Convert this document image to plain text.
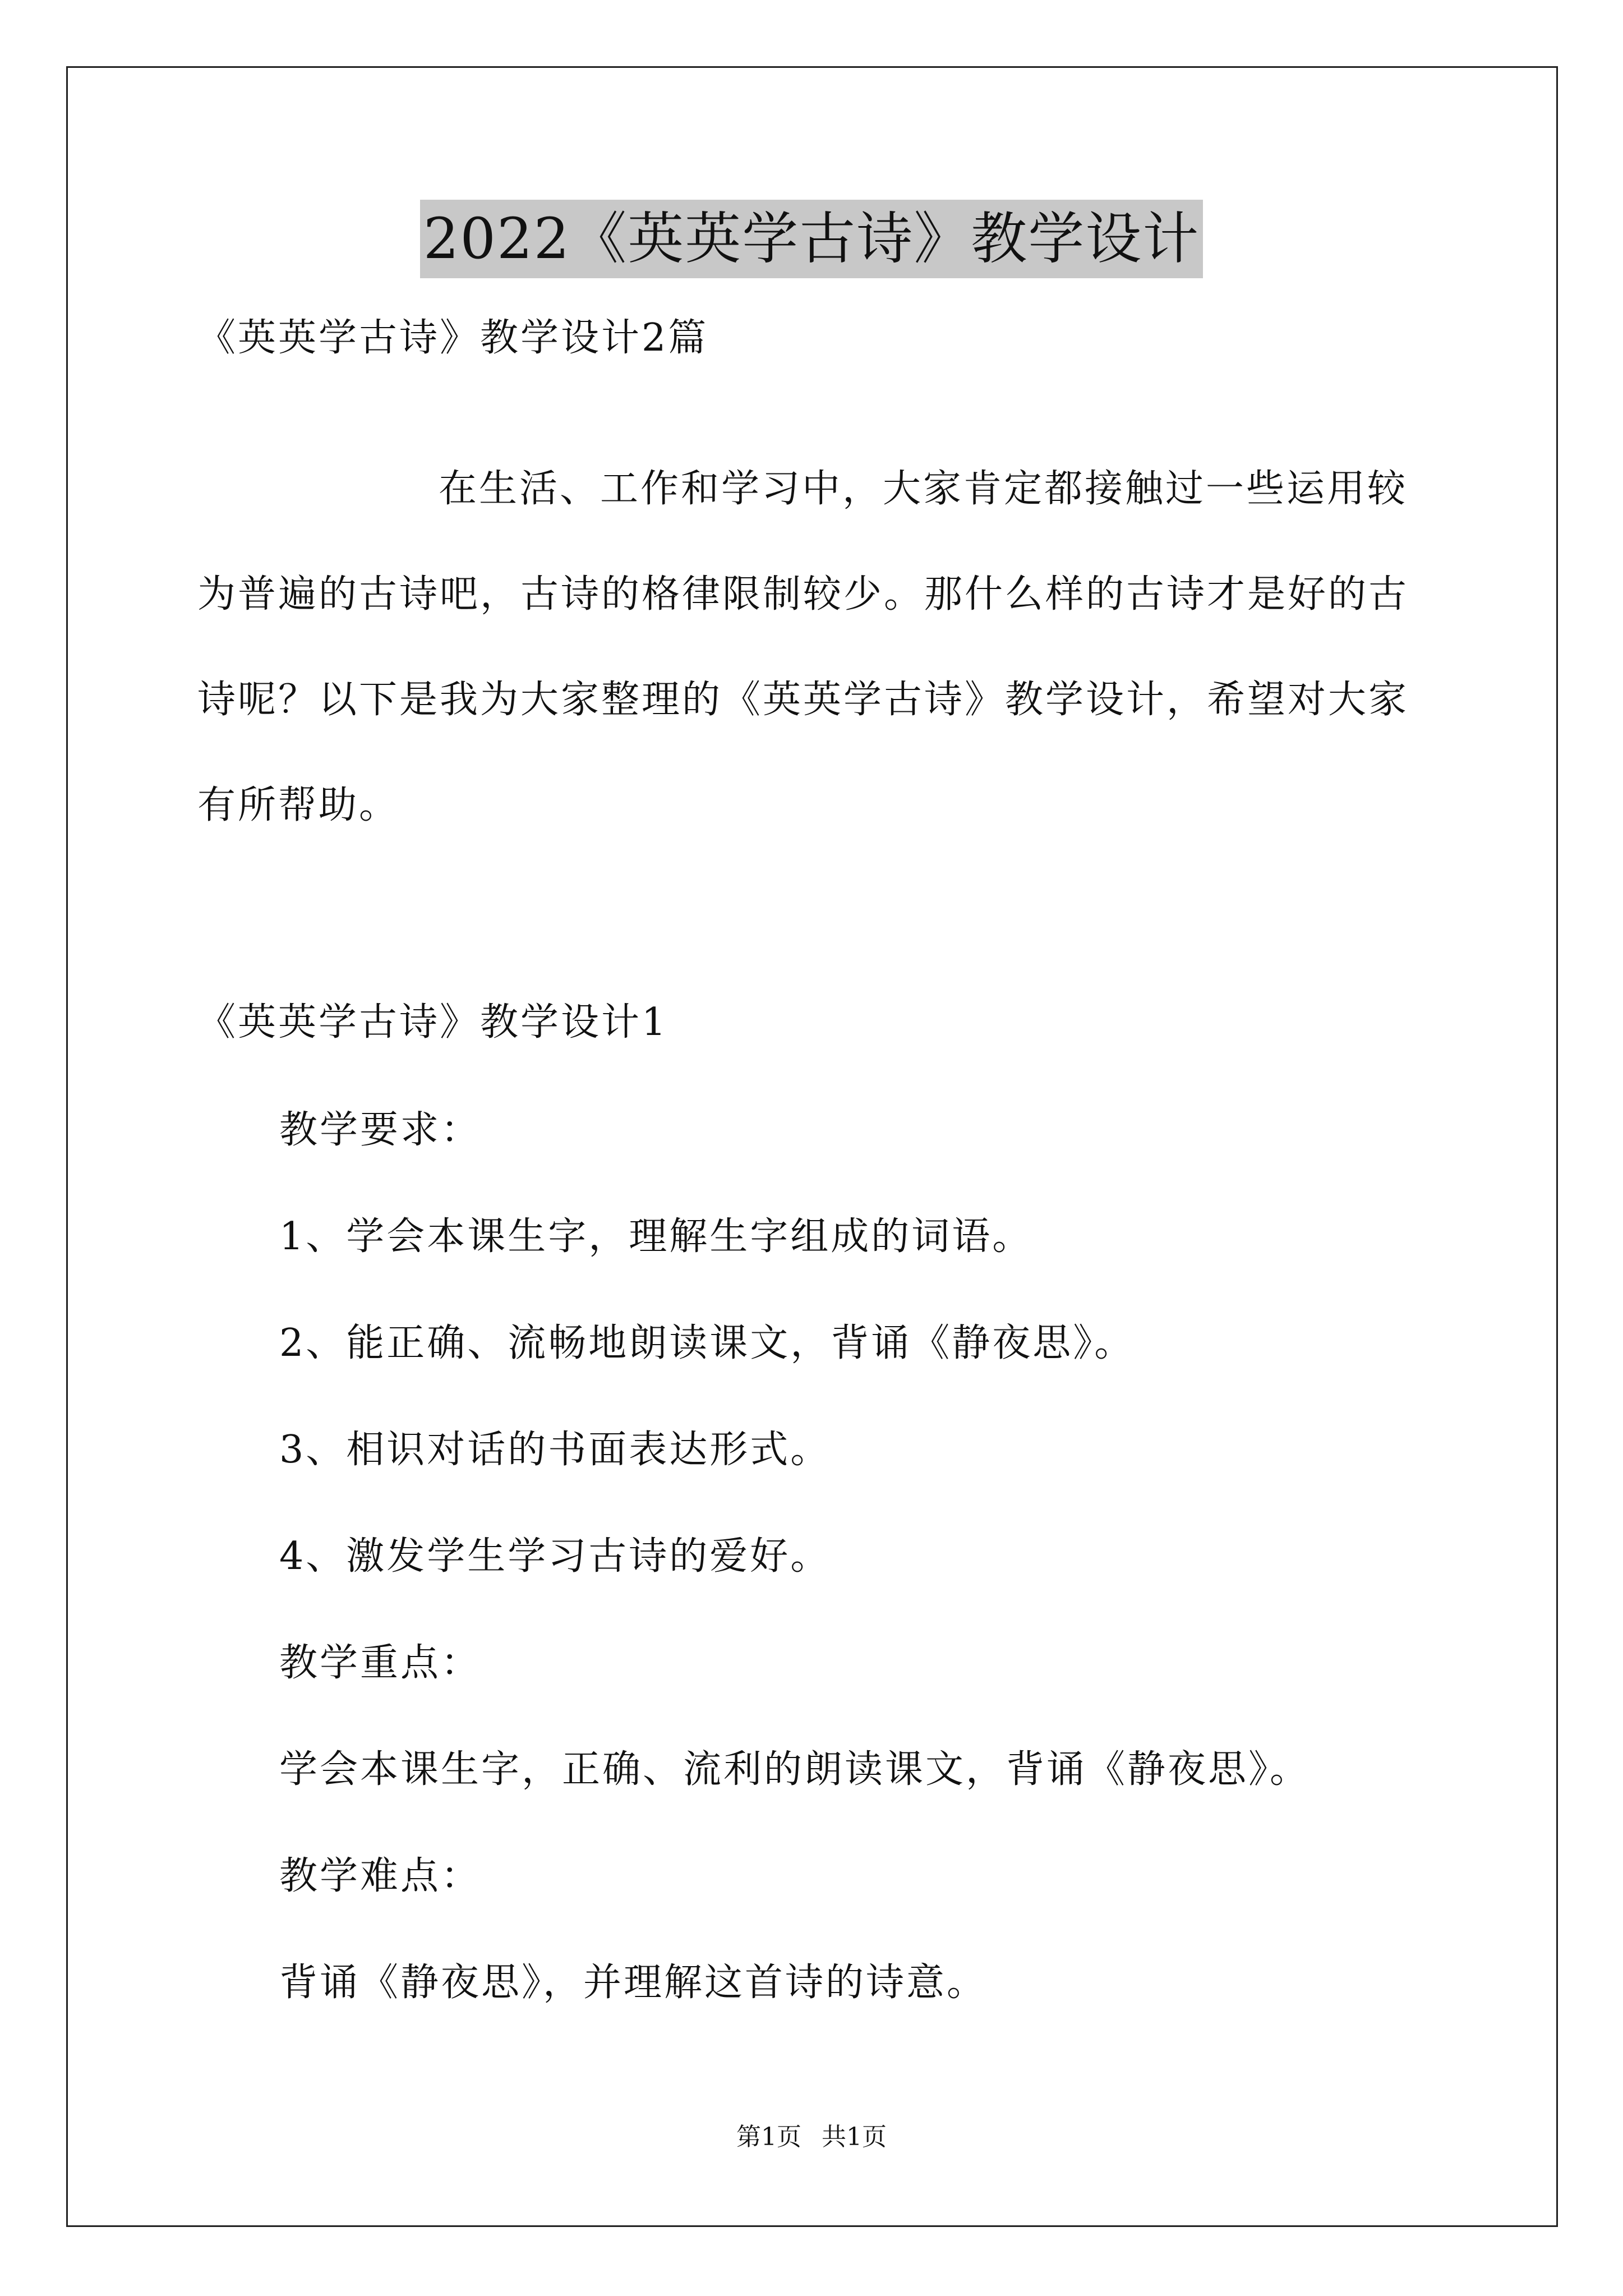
2022《英英学古诗》教学设计
《英英学古诗》教学设计2篇
在生活、工作和学习中，大家肯定都接触过一些运用较
为普遍的古诗吧，古诗的格律限制较少。那什么样的古诗才是好的古
诗呢？以下是我为大家整理的《英英学古诗》教学设计，希望对大家
有所帮助。
《英英学古诗》教学设计1
教学要求：
1、学会本课生字，理解生字组成的词语。
2、能正确、流畅地朗读课文，背诵《静夜思》。
3、相识对话的书面表达形式。
4、激发学生学习古诗的爱好。
教学重点：
学会本课生字，正确、流利的朗读课文，背诵《静夜思》。
教学难点：
背诵《静夜思》，并理解这首诗的诗意。
第1页 共1页
